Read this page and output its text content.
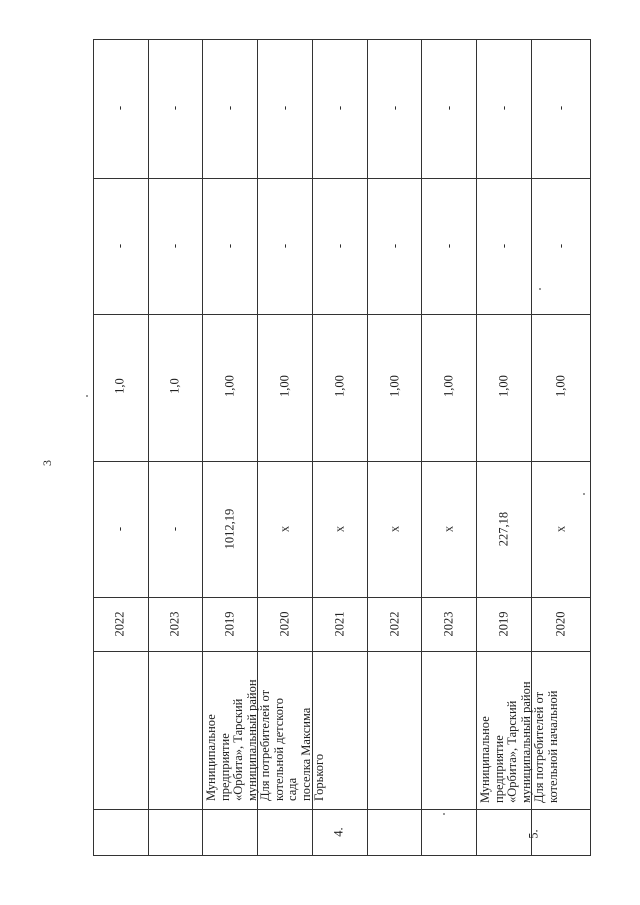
3
2022
-
1,0
-
-
2023
-
1,0
-
-
2019
1012,19
1,00
-
-
2020
x
1,00
-
-
2021
x
1,00
-
-
2022
x
1,00
-
-
2023
x
1,00
-
-
2019
227,18
1,00
-
-
2020
x
1,00
-
-
4.
Муниципальное
предприятие
«Орбита», Тарский
муниципальный район
Для потребителей от
котельной детского
сада
поселка Максима
Горького
5.
Муниципальное
предприятие
«Орбита», Тарский
муниципальный район
Для потребителей от
котельной начальной
